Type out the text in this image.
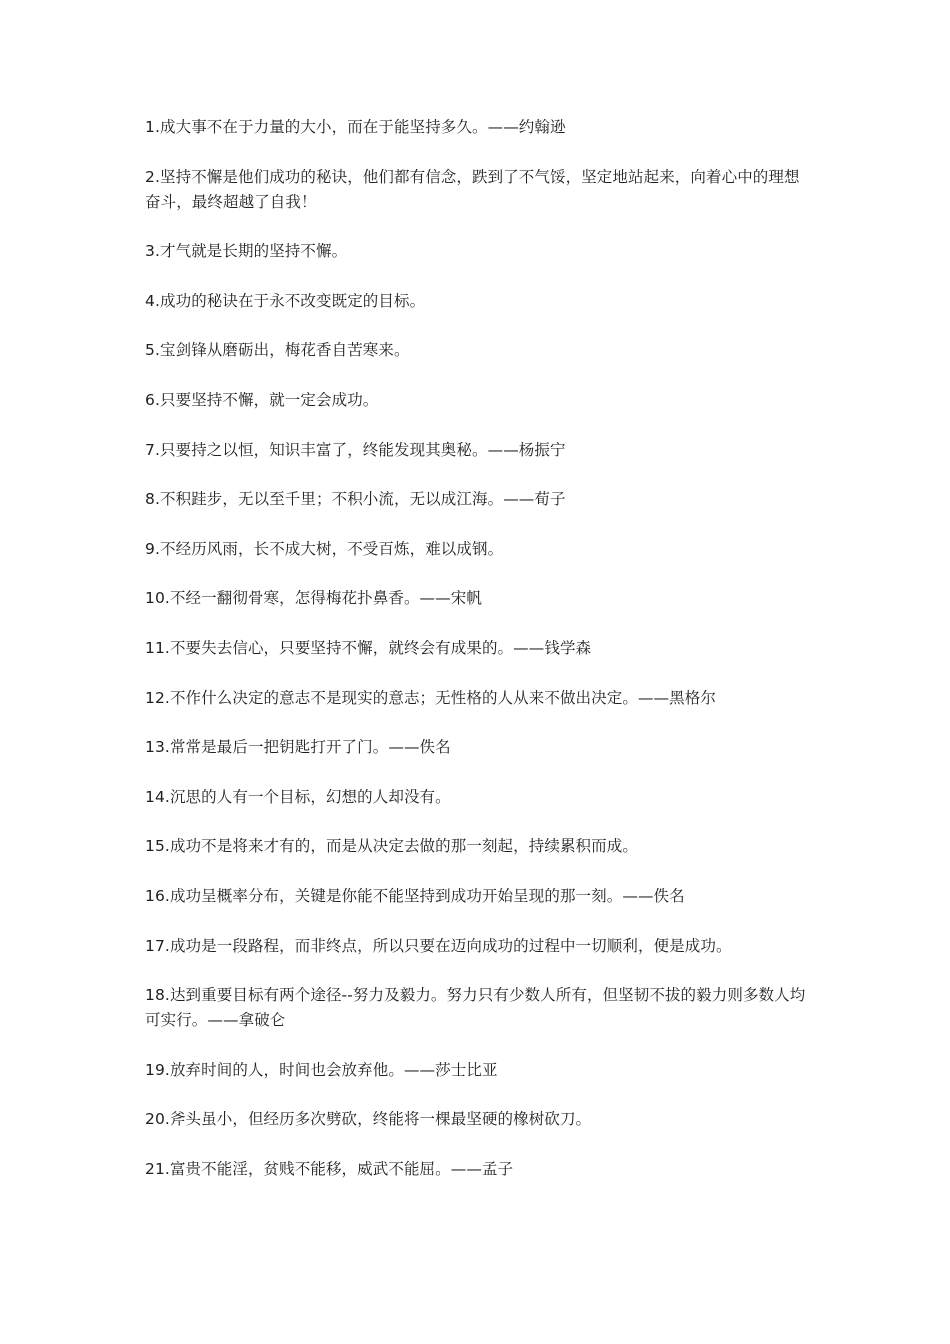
1.成大事不在于力量的大小，而在于能坚持多久。——约翰逊
2.坚持不懈是他们成功的秘诀，他们都有信念，跌到了不气馁，坚定地站起来，向着心中的理想奋斗，最终超越了自我！
3.才气就是长期的坚持不懈。
4.成功的秘诀在于永不改变既定的目标。
5.宝剑锋从磨砺出，梅花香自苦寒来。
6.只要坚持不懈，就一定会成功。
7.只要持之以恒，知识丰富了，终能发现其奥秘。——杨振宁
8.不积跬步，无以至千里；不积小流，无以成江海。——荀子
9.不经历风雨，长不成大树，不受百炼，难以成钢。
10.不经一翻彻骨寒，怎得梅花扑鼻香。——宋帆
11.不要失去信心，只要坚持不懈，就终会有成果的。——钱学森
12.不作什么决定的意志不是现实的意志；无性格的人从来不做出决定。——黑格尔
13.常常是最后一把钥匙打开了门。——佚名
14.沉思的人有一个目标，幻想的人却没有。
15.成功不是将来才有的，而是从决定去做的那一刻起，持续累积而成。
16.成功呈概率分布，关键是你能不能坚持到成功开始呈现的那一刻。——佚名
17.成功是一段路程，而非终点，所以只要在迈向成功的过程中一切顺利，便是成功。
18.达到重要目标有两个途径--努力及毅力。努力只有少数人所有，但坚韧不拔的毅力则多数人均可实行。——拿破仑
19.放弃时间的人，时间也会放弃他。——莎士比亚
20.斧头虽小，但经历多次劈砍，终能将一棵最坚硬的橡树砍刀。
21.富贵不能淫，贫贱不能移，威武不能屈。——孟子
